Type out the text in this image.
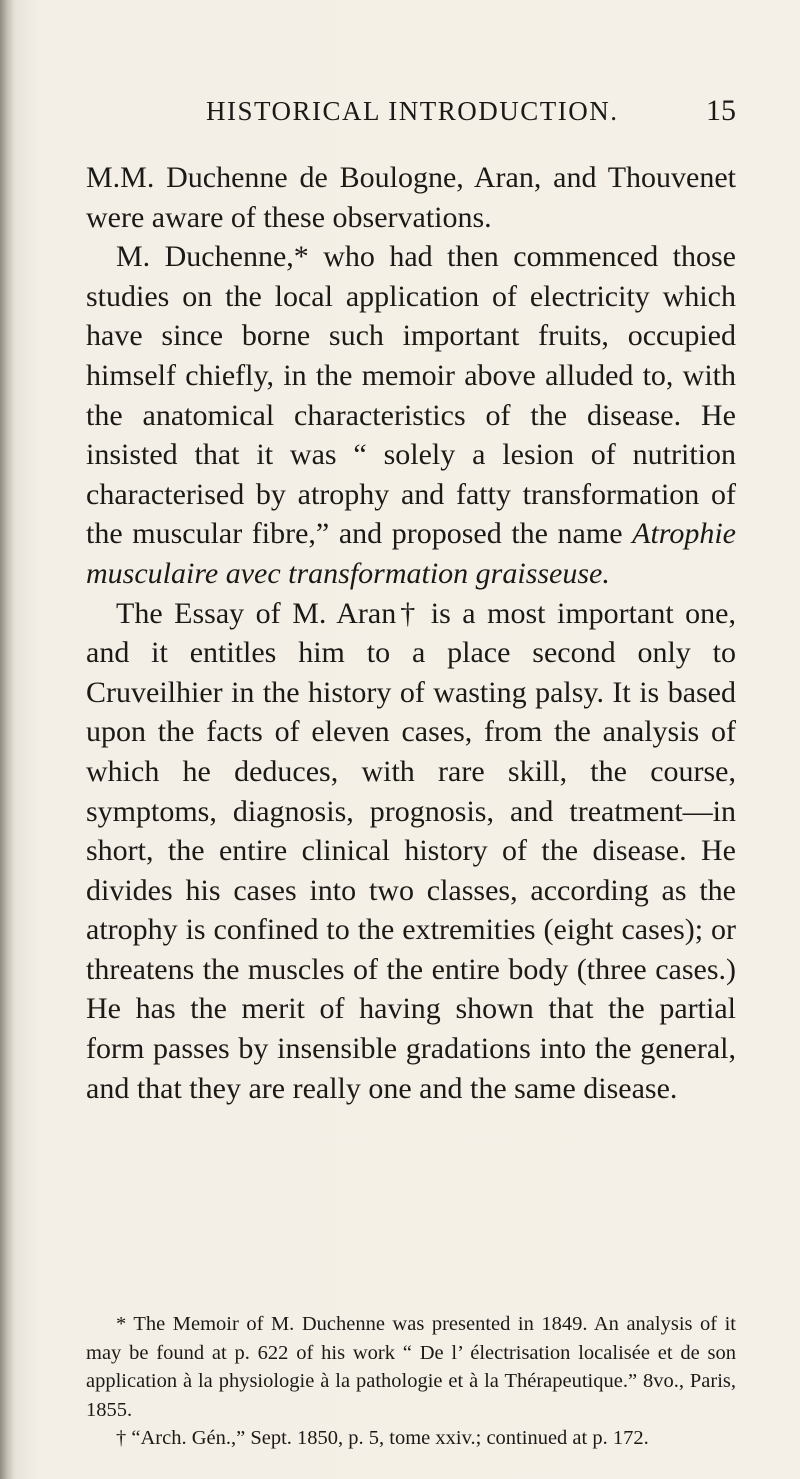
HISTORICAL INTRODUCTION.	15

M.M. Duchenne de Boulogne, Aran, and Thouvenet were aware of these observations.

M. Duchenne,* who had then commenced those studies on the local application of electricity which have since borne such important fruits, occupied himself chiefly, in the memoir above alluded to, with the anatomical characteristics of the disease. He insisted that it was “ solely a lesion of nutrition characterised by atrophy and fatty transformation of the muscular fibre,” and proposed the name Atrophie musculaire avec transformation graisseuse.

The Essay of M. Aran† is a most important one, and it entitles him to a place second only to Cruveilhier in the history of wasting palsy. It is based upon the facts of eleven cases, from the analysis of which he deduces, with rare skill, the course, symptoms, diagnosis, prognosis, and treatment—in short, the entire clinical history of the disease. He divides his cases into two classes, according as the atrophy is confined to the extremities (eight cases); or threatens the muscles of the entire body (three cases.) He has the merit of having shown that the partial form passes by insensible gradations into the general, and that they are really one and the same disease.

* The Memoir of M. Duchenne was presented in 1849. An analysis of it may be found at p. 622 of his work “ De l’ électrisation localisée et de son application à la physiologie à la pathologie et à la Thérapeutique.” 8vo., Paris, 1855.

† “Arch. Gén.,” Sept. 1850, p. 5, tome xxiv.; continued at p. 172.
